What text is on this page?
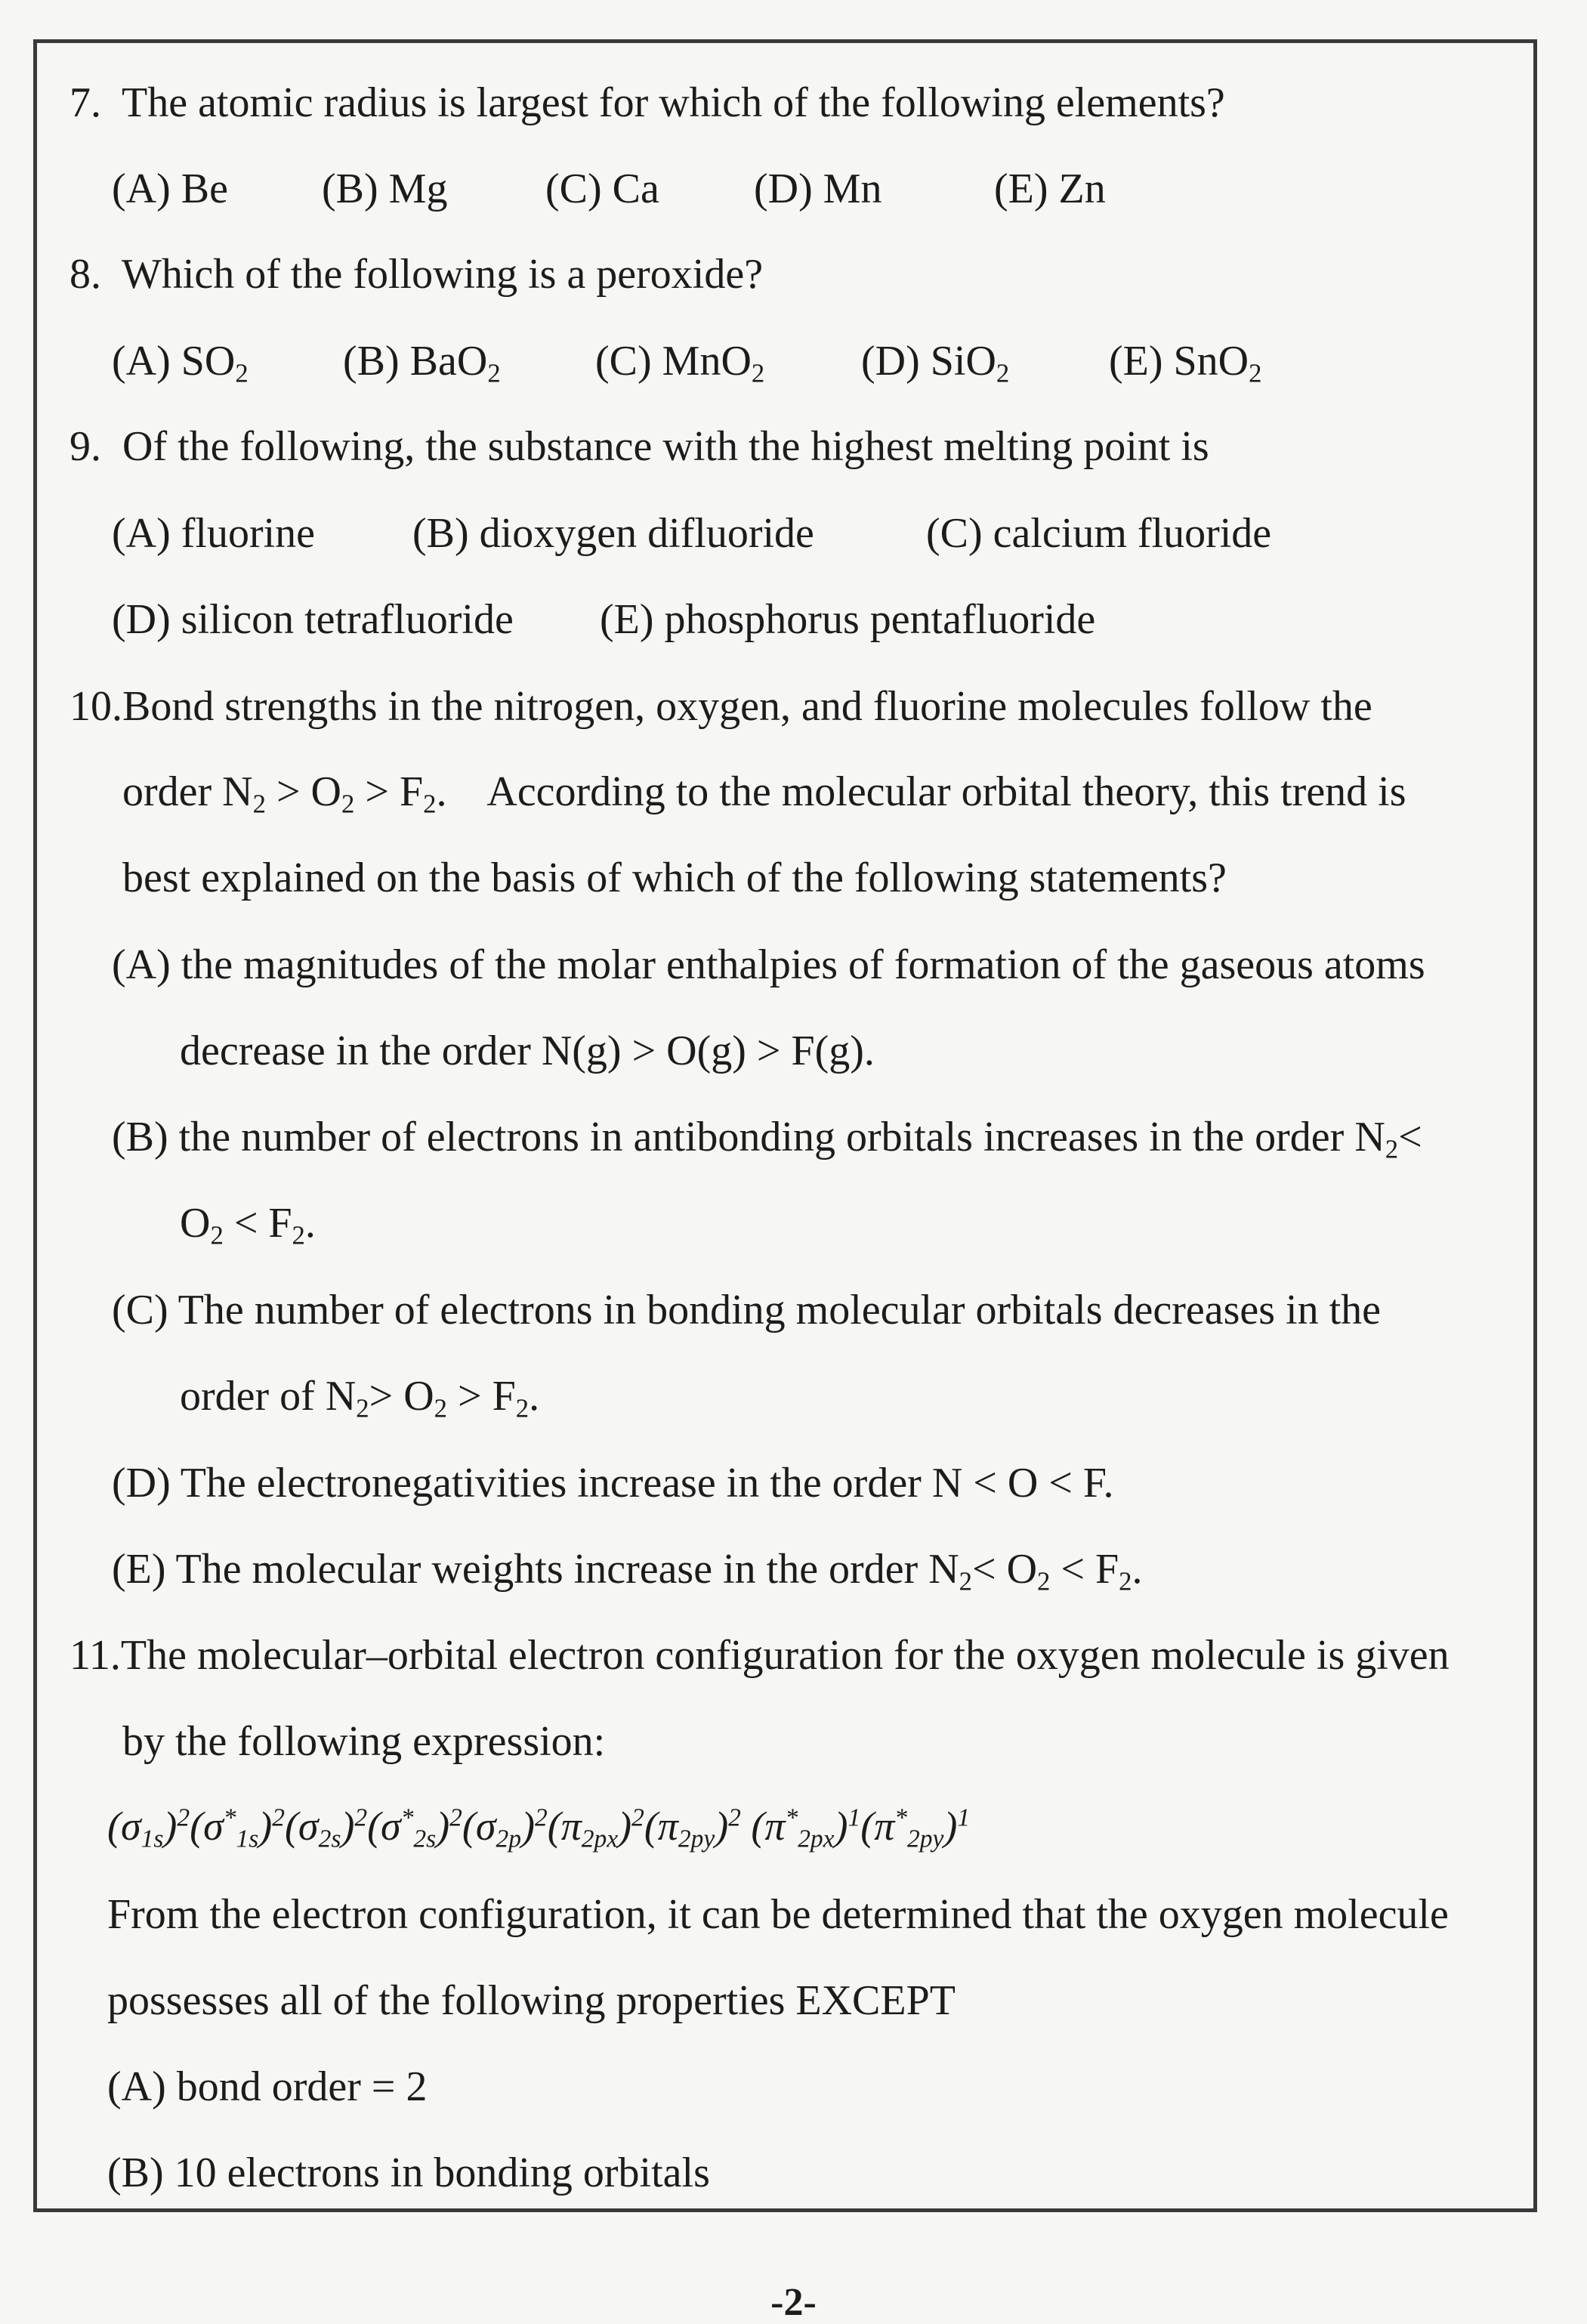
7. The atomic radius is largest for which of the following elements?
(A) Be (B) Mg (C) Ca (D) Mn	(E) Zn
8. Which of the following is a peroxide?
(A) $SO_2$ (B) BaO$_2$ (C) MnO$_2$ (D) SiO$_2$ (E) SnO$_2$
9. Of the following, the substance with the highest melting point is
(A) fluorine (B) dioxygen difluoride	(C) calcium fluoride
(D) silicon tetrafluoride (E) phosphorus pentafluoride
10.Bond strengths in the nitrogen, oxygen, and fluorine molecules follow the
order $N_2 > O_2 > F_2$.    According to the molecular orbital theory, this trend is
best explained on the basis of which of the following statements?
(A) the magnitudes of the molar enthalpies of formation of the gaseous atoms
decrease in the order N(g) > O(g) > F(g).
(B) the number of electrons in antibonding orbitals increases in the order $N_2<$
$O_2 < F_2$.
(C) The number of electrons in bonding molecular orbitals decreases in the
order of $N_2> O_2 > F_2$.
(D) The electronegativities increase in the order N < O < F.
(E) The molecular weights increase in the order $N_2< O_2 < F_2$.
11.The molecular–orbital electron configuration for the oxygen molecule is given
by the following expression:
$(\sigma_{1s})^2(\sigma^*_{1s})^2(\sigma_{2s})^2(\sigma^*_{2s})^2(\sigma_{2p})^2(\pi_{2px})^2(\pi_{2py})^2$ $(\pi^*_{2px})^1(\pi^*_{2py})^1$
From the electron configuration, it can be determined that the oxygen molecule
possesses all of the following properties EXCEPT
(A) bond order = 2
(B) 10 electrons in bonding orbitals
-2-
